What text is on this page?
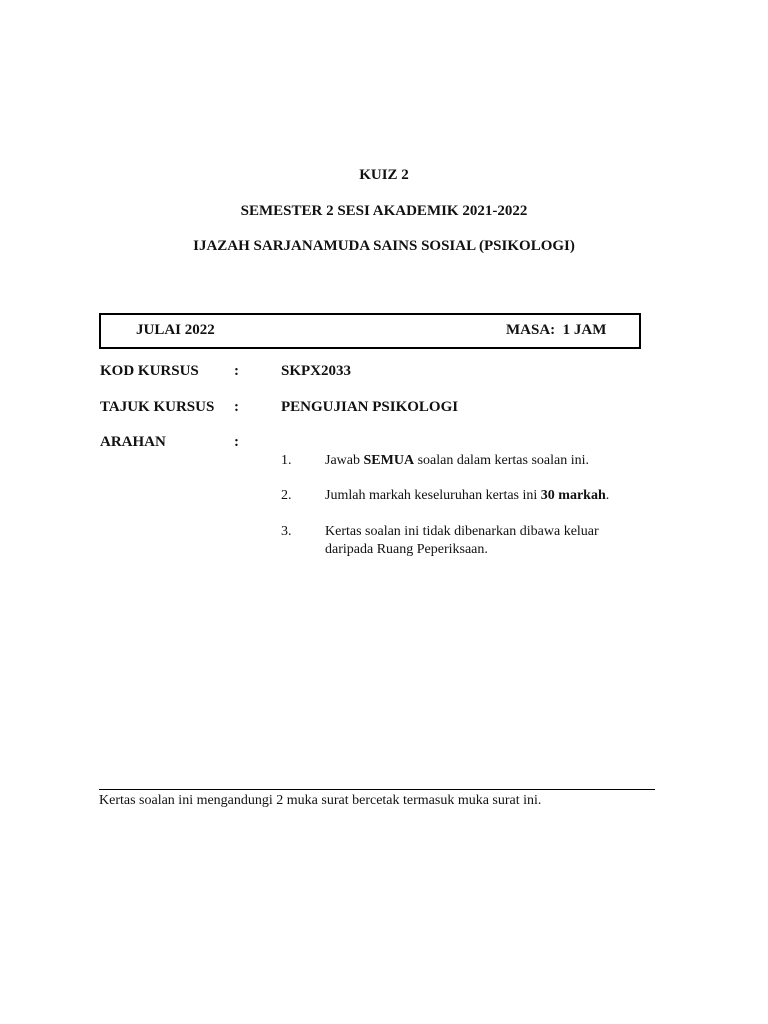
KUIZ 2
SEMESTER 2 SESI AKADEMIK 2021-2022
IJAZAH SARJANAMUDA SAINS SOSIAL (PSIKOLOGI)
JULAI 2022	MASA:  1 JAM
KOD KURSUS :	SKPX2033
TAJUK KURSUS :	PENGUJIAN PSIKOLOGI
ARAHAN	:
1. Jawab SEMUA soalan dalam kertas soalan ini.
2. Jumlah markah keseluruhan kertas ini 30 markah.
3. Kertas soalan ini tidak dibenarkan dibawa keluar daripada Ruang Peperiksaan.
Kertas soalan ini mengandungi 2 muka surat bercetak termasuk muka surat ini.
